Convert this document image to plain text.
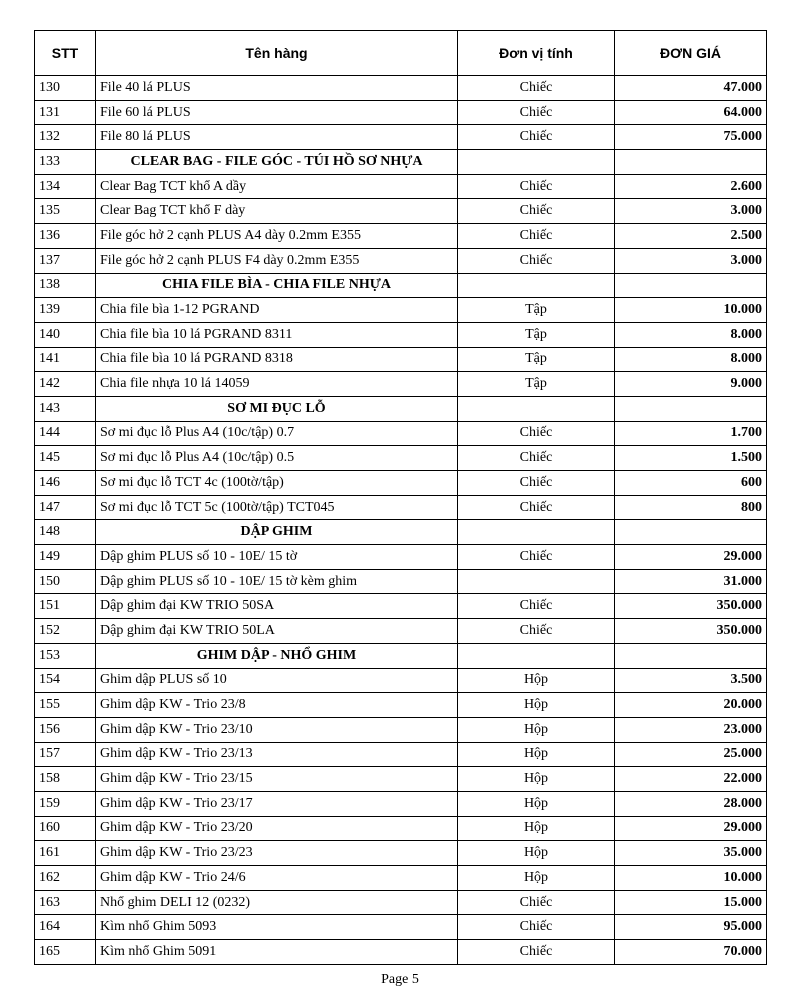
STT	Tên hàng	Đơn vị tính	ĐƠN GIÁ
130	File 40 lá PLUS	Chiếc	47.000
131	File 60 lá PLUS	Chiếc	64.000
132	File 80 lá PLUS	Chiếc	75.000
133	CLEAR BAG - FILE GÓC - TÚI HỒ SƠ NHỰA		
134	Clear Bag TCT khổ A dầy	Chiếc	2.600
135	Clear Bag TCT khổ F dày	Chiếc	3.000
136	File góc hở 2 cạnh PLUS A4 dày 0.2mm E355	Chiếc	2.500
137	File góc hở 2 cạnh PLUS F4 dày 0.2mm E355	Chiếc	3.000
138	CHIA FILE BÌA - CHIA FILE NHỰA		
139	Chia file bìa 1-12 PGRAND	Tập	10.000
140	Chia file bìa 10 lá PGRAND 8311	Tập	8.000
141	Chia file bìa 10 lá PGRAND 8318	Tập	8.000
142	Chia file nhựa 10 lá 14059	Tập	9.000
143	SƠ MI ĐỤC LỖ		
144	Sơ mi đục lỗ Plus A4 (10c/tập) 0.7	Chiếc	1.700
145	Sơ mi đục lỗ Plus A4 (10c/tập) 0.5	Chiếc	1.500
146	Sơ mi đục lỗ TCT 4c (100tờ/tập)	Chiếc	600
147	Sơ mi đục lỗ TCT 5c (100tờ/tập) TCT045	Chiếc	800
148	DẬP GHIM		
149	Dập ghim PLUS số 10 - 10E/ 15 tờ	Chiếc	29.000
150	Dập ghim PLUS số 10 - 10E/ 15 tờ kèm ghim		31.000
151	Dập ghim đại KW TRIO 50SA	Chiếc	350.000
152	Dập ghim đại KW TRIO 50LA	Chiếc	350.000
153	GHIM DẬP - NHỔ GHIM		
154	Ghim dập PLUS số 10	Hộp	3.500
155	Ghim dập KW - Trio 23/8	Hộp	20.000
156	Ghim dập KW - Trio 23/10	Hộp	23.000
157	Ghim dập KW - Trio 23/13	Hộp	25.000
158	Ghim dập KW - Trio 23/15	Hộp	22.000
159	Ghim dập KW - Trio 23/17	Hộp	28.000
160	Ghim dập KW - Trio 23/20	Hộp	29.000
161	Ghim dập KW - Trio 23/23	Hộp	35.000
162	Ghim dập KW - Trio 24/6	Hộp	10.000
163	Nhổ ghim DELI 12 (0232)	Chiếc	15.000
164	Kìm nhổ Ghim 5093	Chiếc	95.000
165	Kìm nhổ Ghim 5091	Chiếc	70.000
Page 5
